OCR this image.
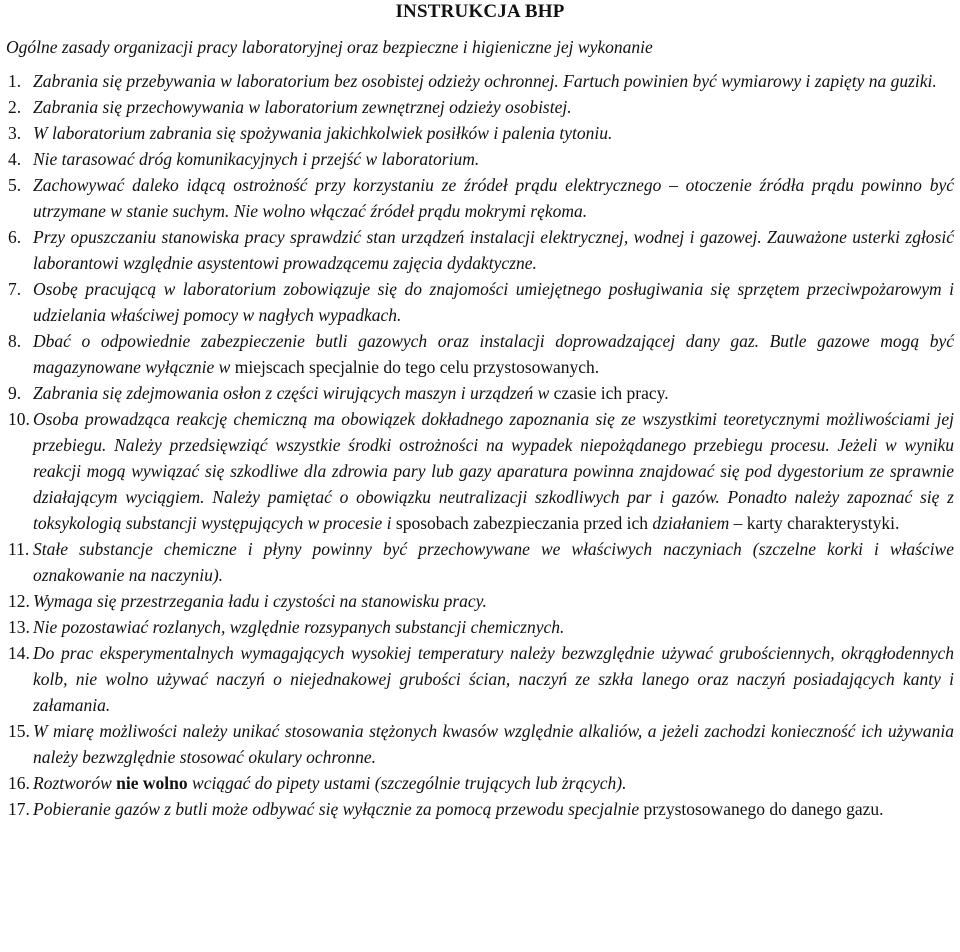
INSTRUKCJA BHP

Ogólne zasady organizacji pracy laboratoryjnej oraz bezpieczne i higieniczne jej wykonanie

1. Zabrania się przebywania w laboratorium bez osobistej odzieży ochronnej. Fartuch powinien być wymiarowy i zapięty na guziki.
2. Zabrania się przechowywania w laboratorium zewnętrznej odzieży osobistej.
3. W laboratorium zabrania się spożywania jakichkolwiek posiłków i palenia tytoniu.
4. Nie tarasować dróg komunikacyjnych i przejść w laboratorium.
5. Zachowywać daleko idącą ostrożność przy korzystaniu ze źródeł prądu elektrycznego – otoczenie źródła prądu powinno być utrzymane w stanie suchym. Nie wolno włączać źródeł prądu mokrymi rękoma.
6. Przy opuszczaniu stanowiska pracy sprawdzić stan urządzeń instalacji elektrycznej, wodnej i gazowej. Zauważone usterki zgłosić laborantowi względnie asystentowi prowadzącemu zajęcia dydaktyczne.
7. Osobę pracującą w laboratorium zobowiązuje się do znajomości umiejętnego posługiwania się sprzętem przeciwpożarowym i udzielania właściwej pomocy w nagłych wypadkach.
8. Dbać o odpowiednie zabezpieczenie butli gazowych oraz instalacji doprowadzającej dany gaz. Butle gazowe mogą być magazynowane wyłącznie w miejscach specjalnie do tego celu przystosowanych.
9. Zabrania się zdejmowania osłon z części wirujących maszyn i urządzeń w czasie ich pracy.
10. Osoba prowadząca reakcję chemiczną ma obowiązek dokładnego zapoznania się ze wszystkimi teoretycznymi możliwościami jej przebiegu. Należy przedsięwziąć wszystkie środki ostrożności na wypadek niepożądanego przebiegu procesu. Jeżeli w wyniku reakcji mogą wywiązać się szkodliwe dla zdrowia pary lub gazy aparatura powinna znajdować się pod dygestorium ze sprawnie działającym wyciągiem. Należy pamiętać o obowiązku neutralizacji szkodliwych par i gazów. Ponadto należy zapoznać się z toksykologią substancji występujących w procesie i sposobach zabezpieczania przed ich działaniem – karty charakterystyki.
11. Stałe substancje chemiczne i płyny powinny być przechowywane we właściwych naczyniach (szczelne korki i właściwe oznakowanie na naczyniu).
12. Wymaga się przestrzegania ładu i czystości na stanowisku pracy.
13. Nie pozostawiać rozlanych, względnie rozsypanych substancji chemicznych.
14. Do prac eksperymentalnych wymagających wysokiej temperatury należy bezwzględnie używać grubościennych, okrągłodennych kolb, nie wolno używać naczyń o niejednakowej grubości ścian, naczyń ze szkła lanego oraz naczyń posiadających kanty i załamania.
15. W miarę możliwości należy unikać stosowania stężonych kwasów względnie alkaliów, a jeżeli zachodzi konieczność ich używania należy bezwzględnie stosować okulary ochronne.
16. Roztworów nie wolno wciągać do pipety ustami (szczególnie trujących lub żrących).
17. Pobieranie gazów z butli może odbywać się wyłącznie za pomocą przewodu specjalnie przystosowanego do danego gazu.
